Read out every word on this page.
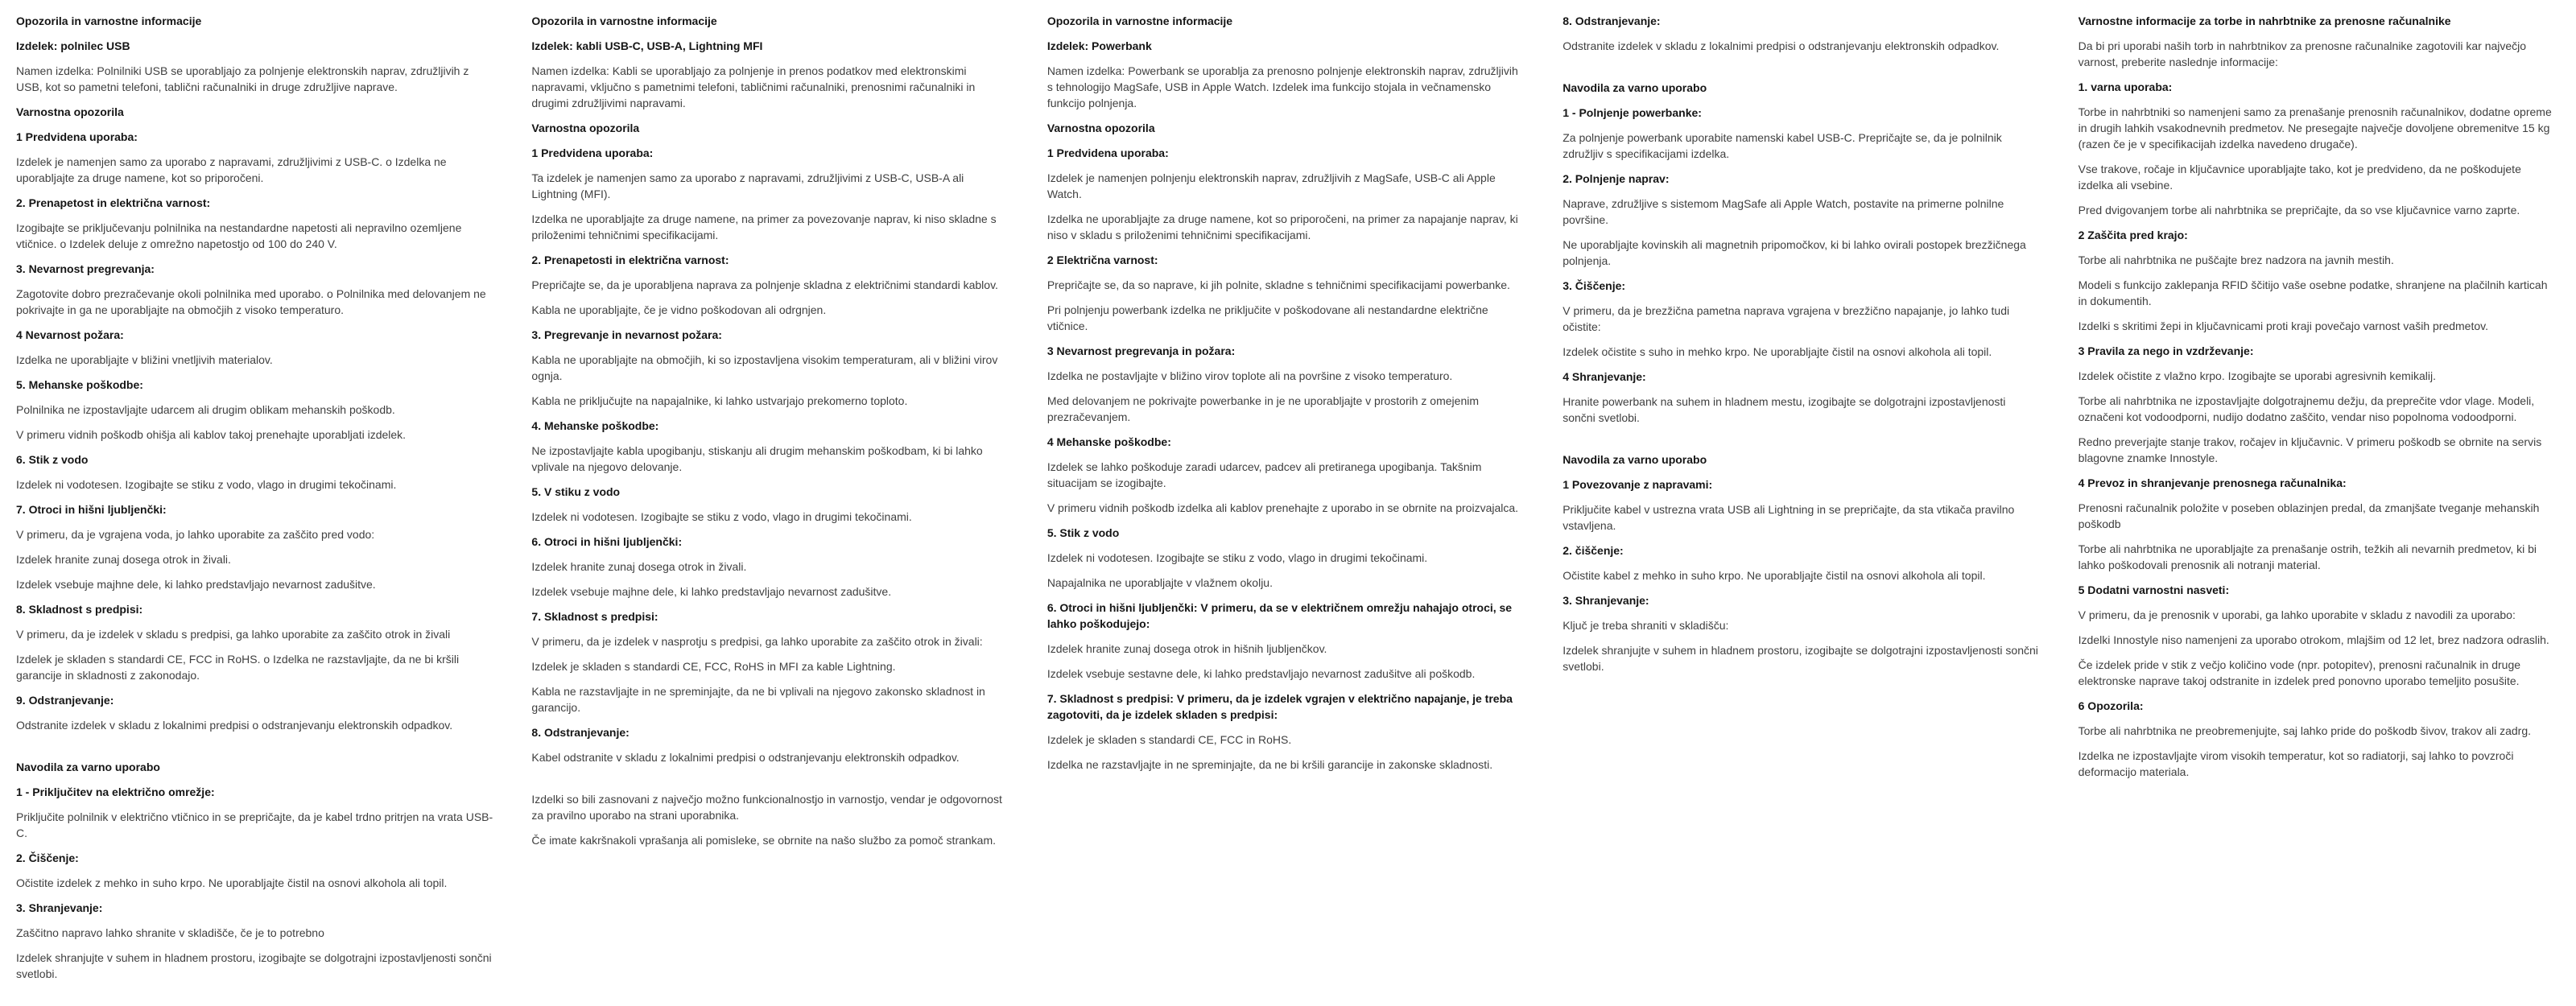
Opozorila in varnostne informacije
Izdelek: polnilec USB

Namen izdelka: Polnilniki USB se uporabljajo za polnjenje elektronskih naprav, združljivih z USB, kot so pametni telefoni, tablični računalniki in druge združljive naprave.

Varnostna opozorila
1 Predvidena uporaba:

Izdelek je namenjen samo za uporabo z napravami, združljivimi z USB-C. o Izdelka ne uporabljajte za druge namene, kot so priporočeni.

2. Prenapetost in električna varnost:

Izogibajte se priključevanju polnilnika na nestandardne napetosti ali nepravilno ozemljene vtičnice. o Izdelek deluje z omrežno napetostjo od 100 do 240 V.

3. Nevarnost pregrevanja:

Zagotovite dobro prezračevanje okoli polnilnika med uporabo. o Polnilnika med delovanjem ne pokrivajte in ga ne uporabljajte na območjih z visoko temperaturo.

4 Nevarnost požara:

Izdelka ne uporabljajte v bližini vnetljivih materialov.

5. Mehanske poškodbe:

Polnilnika ne izpostavljajte udarcem ali drugim oblikam mehanskih poškodb.

V primeru vidnih poškodb ohišja ali kablov takoj prenehajte uporabljati izdelek.

6. Stik z vodo

Izdelek ni vodotesen. Izogibajte se stiku z vodo, vlago in drugimi tekočinami.

7. Otroci in hišni ljubljenčki:

V primeru, da je vgrajena voda, jo lahko uporabite za zaščito pred vodo:

Izdelek hranite zunaj dosega otrok in živali.

Izdelek vsebuje majhne dele, ki lahko predstavljajo nevarnost zadušitve.

8. Skladnost s predpisi:

V primeru, da je izdelek v skladu s predpisi, ga lahko uporabite za zaščito otrok in živali

Izdelek je skladen s standardi CE, FCC in RoHS. o Izdelka ne razstavljajte, da ne bi kršili garancije in skladnosti z zakonodajo.

9. Odstranjevanje:

Odstranite izdelek v skladu z lokalnimi predpisi o odstranjevanju elektronskih odpadkov.

Navodila za varno uporabo
1 - Priključitev na električno omrežje:

Priključite polnilnik v električno vtičnico in se prepričajte, da je kabel trdno pritrjen na vrata USB-C.

2. Čiščenje:

Očistite izdelek z mehko in suho krpo. Ne uporabljajte čistil na osnovi alkohola ali topil.

3. Shranjevanje:

Zaščitno napravo lahko shranite v skladišče, če je to potrebno

Izdelek shranjujte v suhem in hladnem prostoru, izogibajte se dolgotrajni izpostavljenosti sončni svetlobi.

Opozorila in varnostne informacije
Izdelek: kabli USB-C, USB-A, Lightning MFI

Namen izdelka: Kabli se uporabljajo za polnjenje in prenos podatkov med elektronskimi napravami, vključno s pametnimi telefoni, tabličnimi računalniki, prenosnimi računalniki in drugimi združljivimi napravami.

Varnostna opozorila
1 Predvidena uporaba:

Ta izdelek je namenjen samo za uporabo z napravami, združljivimi z USB-C, USB-A ali Lightning (MFI).

Izdelka ne uporabljajte za druge namene, na primer za povezovanje naprav, ki niso skladne s priloženimi tehničnimi specifikacijami.

2. Prenapetosti in električna varnost:

Prepričajte se, da je uporabljena naprava za polnjenje skladna z električnimi standardi kablov.

Kabla ne uporabljajte, če je vidno poškodovan ali odrgnjen.

3. Pregrevanje in nevarnost požara:

Kabla ne uporabljajte na območjih, ki so izpostavljena visokim temperaturam, ali v bližini virov ognja.

Kabla ne priključujte na napajalnike, ki lahko ustvarjajo prekomerno toploto.

4. Mehanske poškodbe:

Ne izpostavljajte kabla upogibanju, stiskanju ali drugim mehanskim poškodbam, ki bi lahko vplivale na njegovo delovanje.

5. V stiku z vodo

Izdelek ni vodotesen. Izogibajte se stiku z vodo, vlago in drugimi tekočinami.

6. Otroci in hišni ljubljenčki:

Izdelek hranite zunaj dosega otrok in živali.

Izdelek vsebuje majhne dele, ki lahko predstavljajo nevarnost zadušitve.

7. Skladnost s predpisi:

V primeru, da je izdelek v nasprotju s predpisi, ga lahko uporabite za zaščito otrok in živali:

Izdelek je skladen s standardi CE, FCC, RoHS in MFI za kable Lightning.

Kabla ne razstavljajte in ne spreminjajte, da ne bi vplivali na njegovo zakonsko skladnost in garancijo.

8. Odstranjevanje:

Kabel odstranite v skladu z lokalnimi predpisi o odstranjevanju elektronskih odpadkov.

Izdelki so bili zasnovani z največjo možno funkcionalnostjo in varnostjo, vendar je odgovornost za pravilno uporabo na strani uporabnika.

Če imate kakršnakoli vprašanja ali pomisleke, se obrnite na našo službo za pomoč strankam.

Opozorila in varnostne informacije
Izdelek: Powerbank

Namen izdelka: Powerbank se uporablja za prenosno polnjenje elektronskih naprav, združljivih s tehnologijo MagSafe, USB in Apple Watch. Izdelek ima funkcijo stojala in večnamensko funkcijo polnjenja.

Varnostna opozorila
1 Predvidena uporaba:

Izdelek je namenjen polnjenju elektronskih naprav, združljivih z MagSafe, USB-C ali Apple Watch.

Izdelka ne uporabljajte za druge namene, kot so priporočeni, na primer za napajanje naprav, ki niso v skladu s priloženimi tehničnimi specifikacijami.

2 Električna varnost:

Prepričajte se, da so naprave, ki jih polnite, skladne s tehničnimi specifikacijami powerbanke.

Pri polnjenju powerbank izdelka ne priključite v poškodovane ali nestandardne električne vtičnice.

3 Nevarnost pregrevanja in požara:

Izdelka ne postavljajte v bližino virov toplote ali na površine z visoko temperaturo.

Med delovanjem ne pokrivajte powerbanke in je ne uporabljajte v prostorih z omejenim prezračevanjem.

4 Mehanske poškodbe:

Izdelek se lahko poškoduje zaradi udarcev, padcev ali pretiranega upogibanja. Takšnim situacijam se izogibajte.

V primeru vidnih poškodb izdelka ali kablov prenehajte z uporabo in se obrnite na proizvajalca.

5. Stik z vodo

Izdelek ni vodotesen. Izogibajte se stiku z vodo, vlago in drugimi tekočinami.

Napajalnika ne uporabljajte v vlažnem okolju.

6. Otroci in hišni ljubljenčki: V primeru, da se v električnem omrežju nahajajo otroci, se lahko poškodujejo:

Izdelek hranite zunaj dosega otrok in hišnih ljubljenčkov.

Izdelek vsebuje sestavne dele, ki lahko predstavljajo nevarnost zadušitve ali poškodb.

7. Skladnost s predpisi: V primeru, da je izdelek vgrajen v električno napajanje, je treba zagotoviti, da je izdelek skladen s predpisi:

Izdelek je skladen s standardi CE, FCC in RoHS.

Izdelka ne razstavljajte in ne spreminjajte, da ne bi kršili garancije in zakonske skladnosti.

8. Odstranjevanje:

Odstranite izdelek v skladu z lokalnimi predpisi o odstranjevanju elektronskih odpadkov.

Navodila za varno uporabo
1 - Polnjenje powerbanke:

Za polnjenje powerbank uporabite namenski kabel USB-C. Prepričajte se, da je polnilnik združljiv s specifikacijami izdelka.

2. Polnjenje naprav:

Naprave, združljive s sistemom MagSafe ali Apple Watch, postavite na primerne polnilne površine.

Ne uporabljajte kovinskih ali magnetnih pripomočkov, ki bi lahko ovirali postopek brezžičnega polnjenja.

3. Čiščenje:

V primeru, da je brezžična pametna naprava vgrajena v brezžično napajanje, jo lahko tudi očistite:

Izdelek očistite s suho in mehko krpo. Ne uporabljajte čistil na osnovi alkohola ali topil.

4 Shranjevanje:

Hranite powerbank na suhem in hladnem mestu, izogibajte se dolgotrajni izpostavljenosti sončni svetlobi.

Navodila za varno uporabo
1 Povezovanje z napravami:

Priključite kabel v ustrezna vrata USB ali Lightning in se prepričajte, da sta vtikača pravilno vstavljena.

2. čiščenje:

Očistite kabel z mehko in suho krpo. Ne uporabljajte čistil na osnovi alkohola ali topil.

3. Shranjevanje:

Ključ je treba shraniti v skladišču:

Izdelek shranjujte v suhem in hladnem prostoru, izogibajte se dolgotrajni izpostavljenosti sončni svetlobi.

Varnostne informacije za torbe in nahrbtnike za prenosne računalnike

Da bi pri uporabi naših torb in nahrbtnikov za prenosne računalnike zagotovili kar največjo varnost, preberite naslednje informacije:

1. varna uporaba:

Torbe in nahrbtniki so namenjeni samo za prenašanje prenosnih računalnikov, dodatne opreme in drugih lahkih vsakodnevnih predmetov. Ne presegajte največje dovoljene obremenitve 15 kg (razen če je v specifikacijah izdelka navedeno drugače).

Vse trakove, ročaje in ključavnice uporabljajte tako, kot je predvideno, da ne poškodujete izdelka ali vsebine.

Pred dvigovanjem torbe ali nahrbtnika se prepričajte, da so vse ključavnice varno zaprte.

2 Zaščita pred krajo:

Torbe ali nahrbtnika ne puščajte brez nadzora na javnih mestih.

Modeli s funkcijo zaklepanja RFID ščitijo vaše osebne podatke, shranjene na plačilnih karticah in dokumentih.

Izdelki s skritimi žepi in ključavnicami proti kraji povečajo varnost vaših predmetov.

3 Pravila za nego in vzdrževanje:

Izdelek očistite z vlažno krpo. Izogibajte se uporabi agresivnih kemikalij.

Torbe ali nahrbtnika ne izpostavljajte dolgotrajnemu dežju, da preprečite vdor vlage. Modeli, označeni kot vodoodporni, nudijo dodatno zaščito, vendar niso popolnoma vodoodporni.

Redno preverjajte stanje trakov, ročajev in ključavnic. V primeru poškodb se obrnite na servis blagovne znamke Innostyle.

4 Prevoz in shranjevanje prenosnega računalnika:

Prenosni računalnik položite v poseben oblazinjen predal, da zmanjšate tveganje mehanskih poškodb

Torbe ali nahrbtnika ne uporabljajte za prenašanje ostrih, težkih ali nevarnih predmetov, ki bi lahko poškodovali prenosnik ali notranji material.

5 Dodatni varnostni nasveti:

V primeru, da je prenosnik v uporabi, ga lahko uporabite v skladu z navodili za uporabo:

Izdelki Innostyle niso namenjeni za uporabo otrokom, mlajšim od 12 let, brez nadzora odraslih.

Če izdelek pride v stik z večjo količino vode (npr. potopitev), prenosni računalnik in druge elektronske naprave takoj odstranite in izdelek pred ponovno uporabo temeljito posušite.

6 Opozorila:

Torbe ali nahrbtnika ne preobremenjujte, saj lahko pride do poškodb šivov, trakov ali zadrg.

Izdelka ne izpostavljajte virom visokih temperatur, kot so radiatorji, saj lahko to povzroči deformacijo materiala.
